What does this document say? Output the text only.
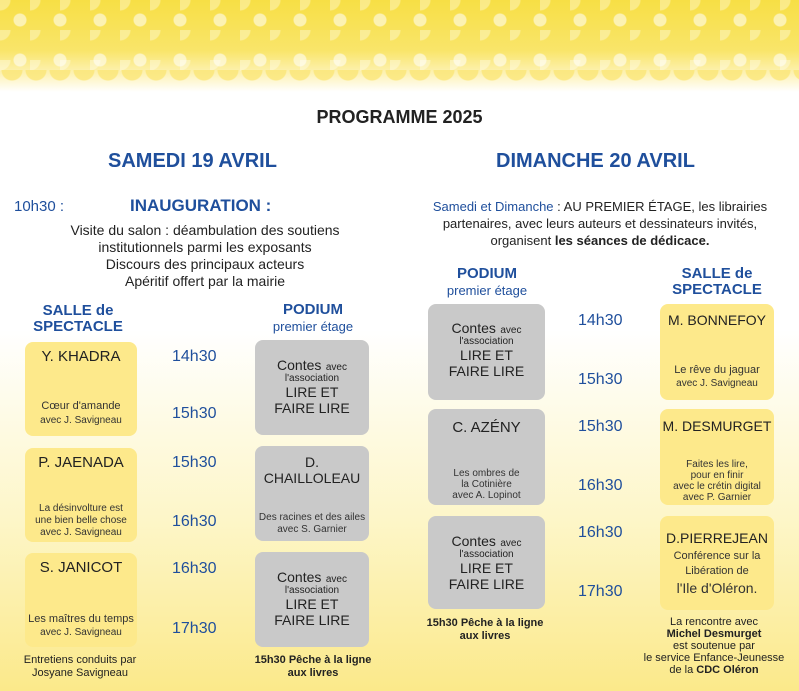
PROGRAMME 2025
SAMEDI 19 AVRIL
10h30 :	INAUGURATION :
Visite du salon : déambulation des soutiens
institutionnels parmi les exposants
Discours des principaux acteurs
Apéritif offert par la mairie
SALLE de
SPECTACLE
PODIUM
premier étage
Y. KHADRA
Cœur d'amande
avec J. Savigneau
P. JAENADA
La désinvolture est
une bien belle chose
avec J. Savigneau
S. JANICOT
Les maîtres du temps
avec J. Savigneau
14h30
15h30
15h30
16h30
16h30
17h30
Contes avec
l'association
LIRE ET
FAIRE LIRE
D. CHAILLOLEAU
Des racines et des ailes
avec S. Garnier
Contes avec
l'association
LIRE ET
FAIRE LIRE
Entretiens conduits par
Josyane Savigneau
15h30 Pêche à la ligne
aux livres
DIMANCHE 20 AVRIL
Samedi et Dimanche : AU PREMIER ÉTAGE, les librairies
partenaires, avec leurs auteurs et dessinateurs invités,
organisent les séances de dédicace.
PODIUM
premier étage
SALLE de
SPECTACLE
Contes avec
l'association
LIRE ET
FAIRE LIRE
C. AZÉNY
Les ombres de
la Cotinière
avec A. Lopinot
Contes avec
l'association
LIRE ET
FAIRE LIRE
14h30
15h30
15h30
16h30
16h30
17h30
M. BONNEFOY
Le rêve du jaguar
avec J. Savigneau
M. DESMURGET
Faites les lire,
pour en finir
avec le crétin digital
avec P. Garnier
D.PIERREJEAN
Conférence sur la
Libération de
l'Ile d'Oléron.
15h30 Pêche à la ligne
aux livres
La rencontre avec
Michel Desmurget
est soutenue par
le service Enfance-Jeunesse
de la CDC Oléron
